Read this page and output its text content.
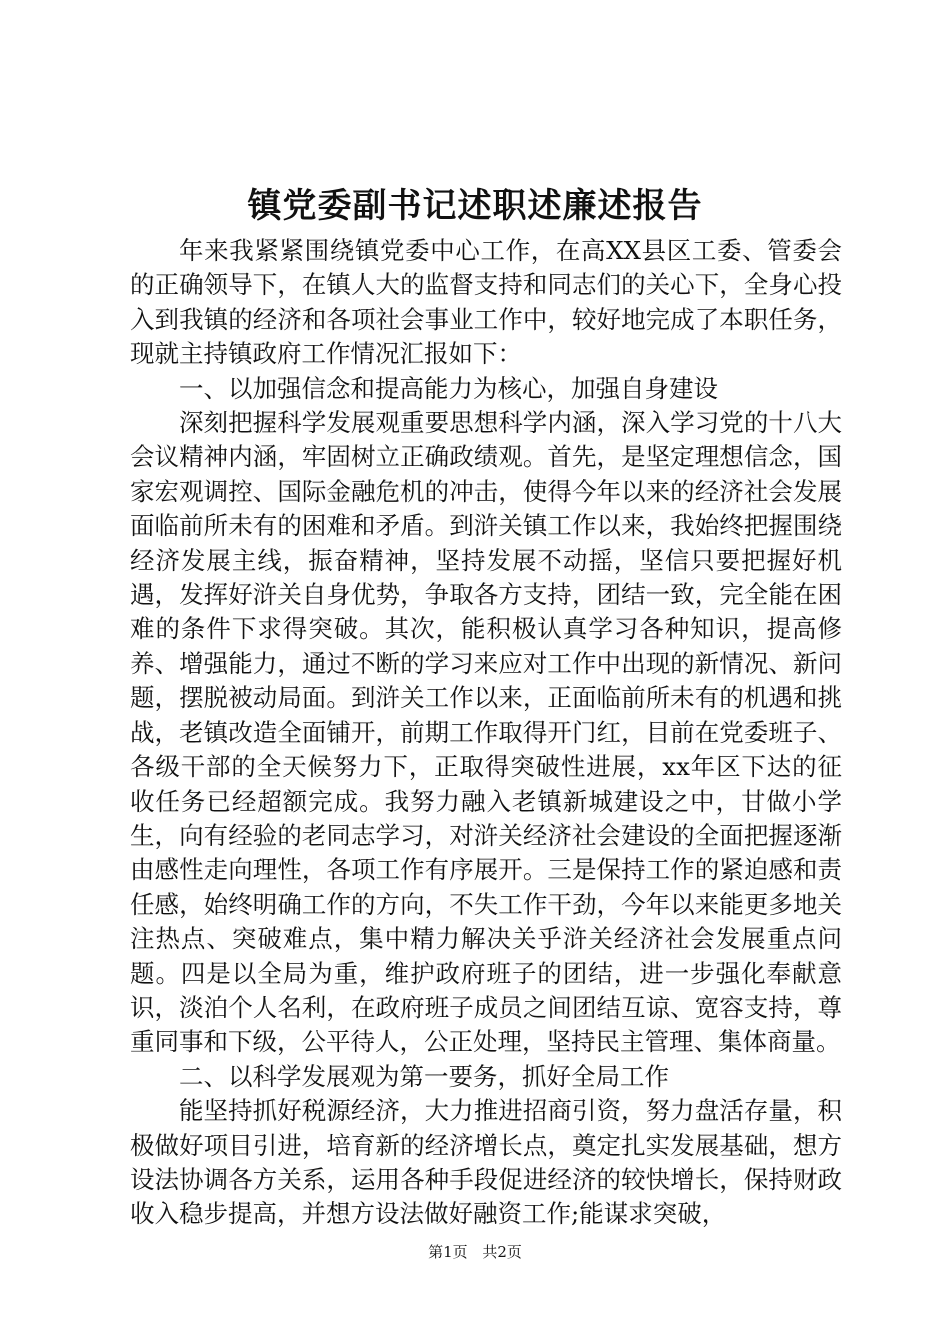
镇党委副书记述职述廉述报告

年来我紧紧围绕镇党委中心工作，在高XX县区工委、管委会的正确领导下，在镇人大的监督支持和同志们的关心下，全身心投入到我镇的经济和各项社会事业工作中，较好地完成了本职任务，现就主持镇政府工作情况汇报如下：

一、以加强信念和提高能力为核心，加强自身建设

深刻把握科学发展观重要思想科学内涵，深入学习党的十八大会议精神内涵，牢固树立正确政绩观。首先，是坚定理想信念，国家宏观调控、国际金融危机的冲击，使得今年以来的经济社会发展面临前所未有的困难和矛盾。到浒关镇工作以来，我始终把握围绕经济发展主线，振奋精神，坚持发展不动摇，坚信只要把握好机遇，发挥好浒关自身优势，争取各方支持，团结一致，完全能在困难的条件下求得突破。其次，能积极认真学习各种知识，提高修养、增强能力，通过不断的学习来应对工作中出现的新情况、新问题，摆脱被动局面。到浒关工作以来，正面临前所未有的机遇和挑战，老镇改造全面铺开，前期工作取得开门红，目前在党委班子、各级干部的全天候努力下，正取得突破性进展，xx年区下达的征收任务已经超额完成。我努力融入老镇新城建设之中，甘做小学生，向有经验的老同志学习，对浒关经济社会建设的全面把握逐渐由感性走向理性，各项工作有序展开。三是保持工作的紧迫感和责任感，始终明确工作的方向，不失工作干劲，今年以来能更多地关注热点、突破难点，集中精力解决关乎浒关经济社会发展重点问题。四是以全局为重，维护政府班子的团结，进一步强化奉献意识，淡泊个人名利，在政府班子成员之间团结互谅、宽容支持，尊重同事和下级，公平待人，公正处理，坚持民主管理、集体商量。

二、以科学发展观为第一要务，抓好全局工作

能坚持抓好税源经济，大力推进招商引资，努力盘活存量，积极做好项目引进，培育新的经济增长点，奠定扎实发展基础，想方设法协调各方关系，运用各种手段促进经济的较快增长，保持财政收入稳步提高，并想方设法做好融资工作;能谋求突破，

第1页 共2页
